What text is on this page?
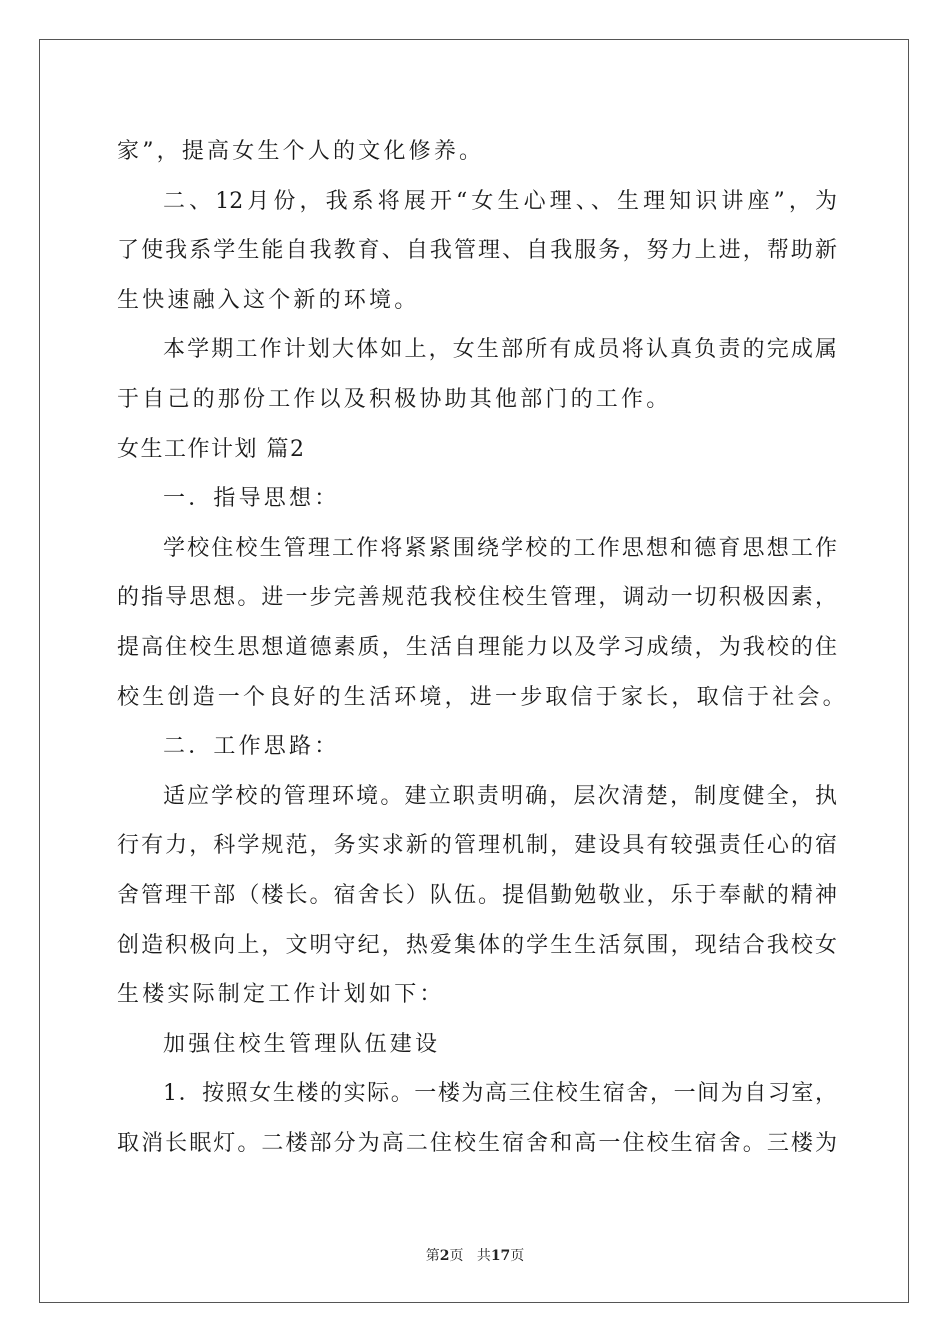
家”，提高女生个人的文化修养。
二、12月份，我系将展开“女生心理、、生理知识讲座”，为
了使我系学生能自我教育、自我管理、自我服务，努力上进，帮助新
生快速融入这个新的环境。
本学期工作计划大体如上，女生部所有成员将认真负责的完成属
于自己的那份工作以及积极协助其他部门的工作。
女生工作计划 篇2
一．指导思想：
学校住校生管理工作将紧紧围绕学校的工作思想和德育思想工作
的指导思想。进一步完善规范我校住校生管理，调动一切积极因素，
提高住校生思想道德素质，生活自理能力以及学习成绩，为我校的住
校生创造一个良好的生活环境，进一步取信于家长，取信于社会。
二．工作思路：
适应学校的管理环境。建立职责明确，层次清楚，制度健全，执
行有力，科学规范，务实求新的管理机制，建设具有较强责任心的宿
舍管理干部（楼长。宿舍长）队伍。提倡勤勉敬业，乐于奉献的精神
创造积极向上，文明守纪，热爱集体的学生生活氛围，现结合我校女
生楼实际制定工作计划如下：
加强住校生管理队伍建设
1．按照女生楼的实际。一楼为高三住校生宿舍，一间为自习室，
取消长眠灯。二楼部分为高二住校生宿舍和高一住校生宿舍。三楼为
第2页 共17页
